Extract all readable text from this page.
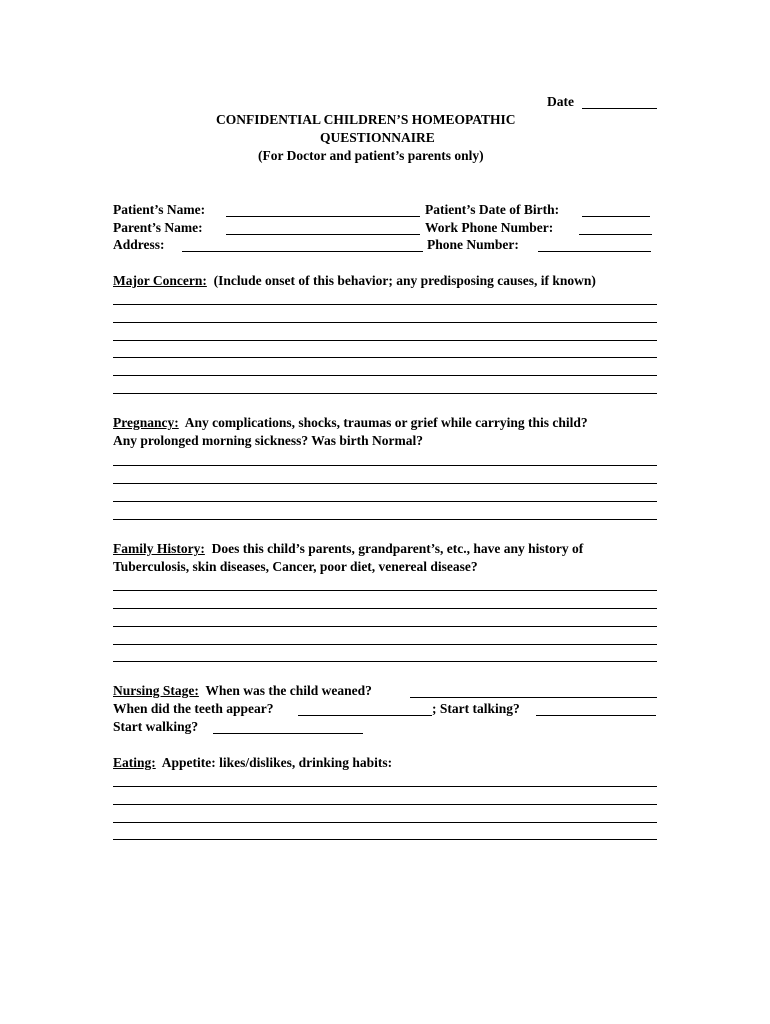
Date
CONFIDENTIAL CHILDREN’S HOMEOPATHIC
QUESTIONNAIRE
(For Doctor and patient’s parents only)
Patient’s Name:	Patient’s Date of Birth:
Parent’s Name:	Work Phone Number:
Address:	Phone Number:
Major Concern: (Include onset of this behavior; any predisposing causes, if known)
Pregnancy: Any complications, shocks, traumas or grief while carrying this child?
Any prolonged morning sickness? Was birth Normal?
Family History: Does this child’s parents, grandparent’s, etc., have any history of
Tuberculosis, skin diseases, Cancer, poor diet, venereal disease?
Nursing Stage: When was the child weaned?
When did the teeth appear?	; Start talking?
Start walking?
Eating: Appetite: likes/dislikes, drinking habits:
